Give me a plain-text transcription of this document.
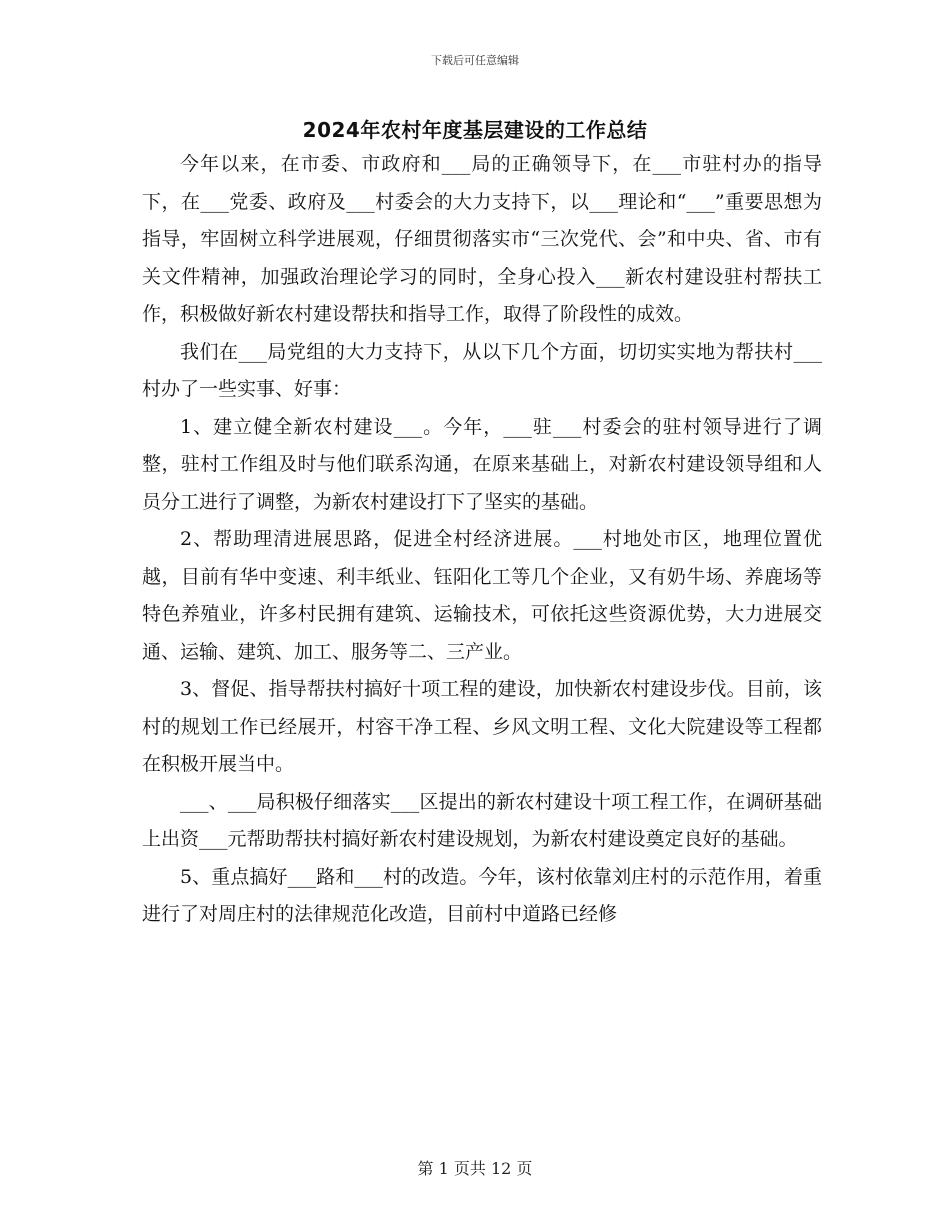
下载后可任意编辑
2024年农村年度基层建设的工作总结

今年以来，在市委、市政府和___局的正确领导下，在___市驻村办的指导下，在___党委、政府及___村委会的大力支持下，以___理论和“___”重要思想为指导，牢固树立科学进展观，仔细贯彻落实市“三次党代、会”和中央、省、市有关文件精神，加强政治理论学习的同时，全身心投入___新农村建设驻村帮扶工作，积极做好新农村建设帮扶和指导工作，取得了阶段性的成效。

我们在___局党组的大力支持下，从以下几个方面，切切实实地为帮扶村___村办了一些实事、好事：

1、建立健全新农村建设___。今年，___驻___村委会的驻村领导进行了调整，驻村工作组及时与他们联系沟通，在原来基础上，对新农村建设领导组和人员分工进行了调整，为新农村建设打下了坚实的基础。

2、帮助理清进展思路，促进全村经济进展。___村地处市区，地理位置优越，目前有华中变速、利丰纸业、钰阳化工等几个企业，又有奶牛场、养鹿场等特色养殖业，许多村民拥有建筑、运输技术，可依托这些资源优势，大力进展交通、运输、建筑、加工、服务等二、三产业。

3、督促、指导帮扶村搞好十项工程的建设，加快新农村建设步伐。目前，该村的规划工作已经展开，村容干净工程、乡风文明工程、文化大院建设等工程都在积极开展当中。

___、___局积极仔细落实___区提出的新农村建设十项工程工作，在调研基础上出资___元帮助帮扶村搞好新农村建设规划，为新农村建设奠定良好的基础。

5、重点搞好___路和___村的改造。今年，该村依靠刘庄村的示范作用，着重进行了对周庄村的法律规范化改造，目前村中道路已经修

第 1 页共 12 页
